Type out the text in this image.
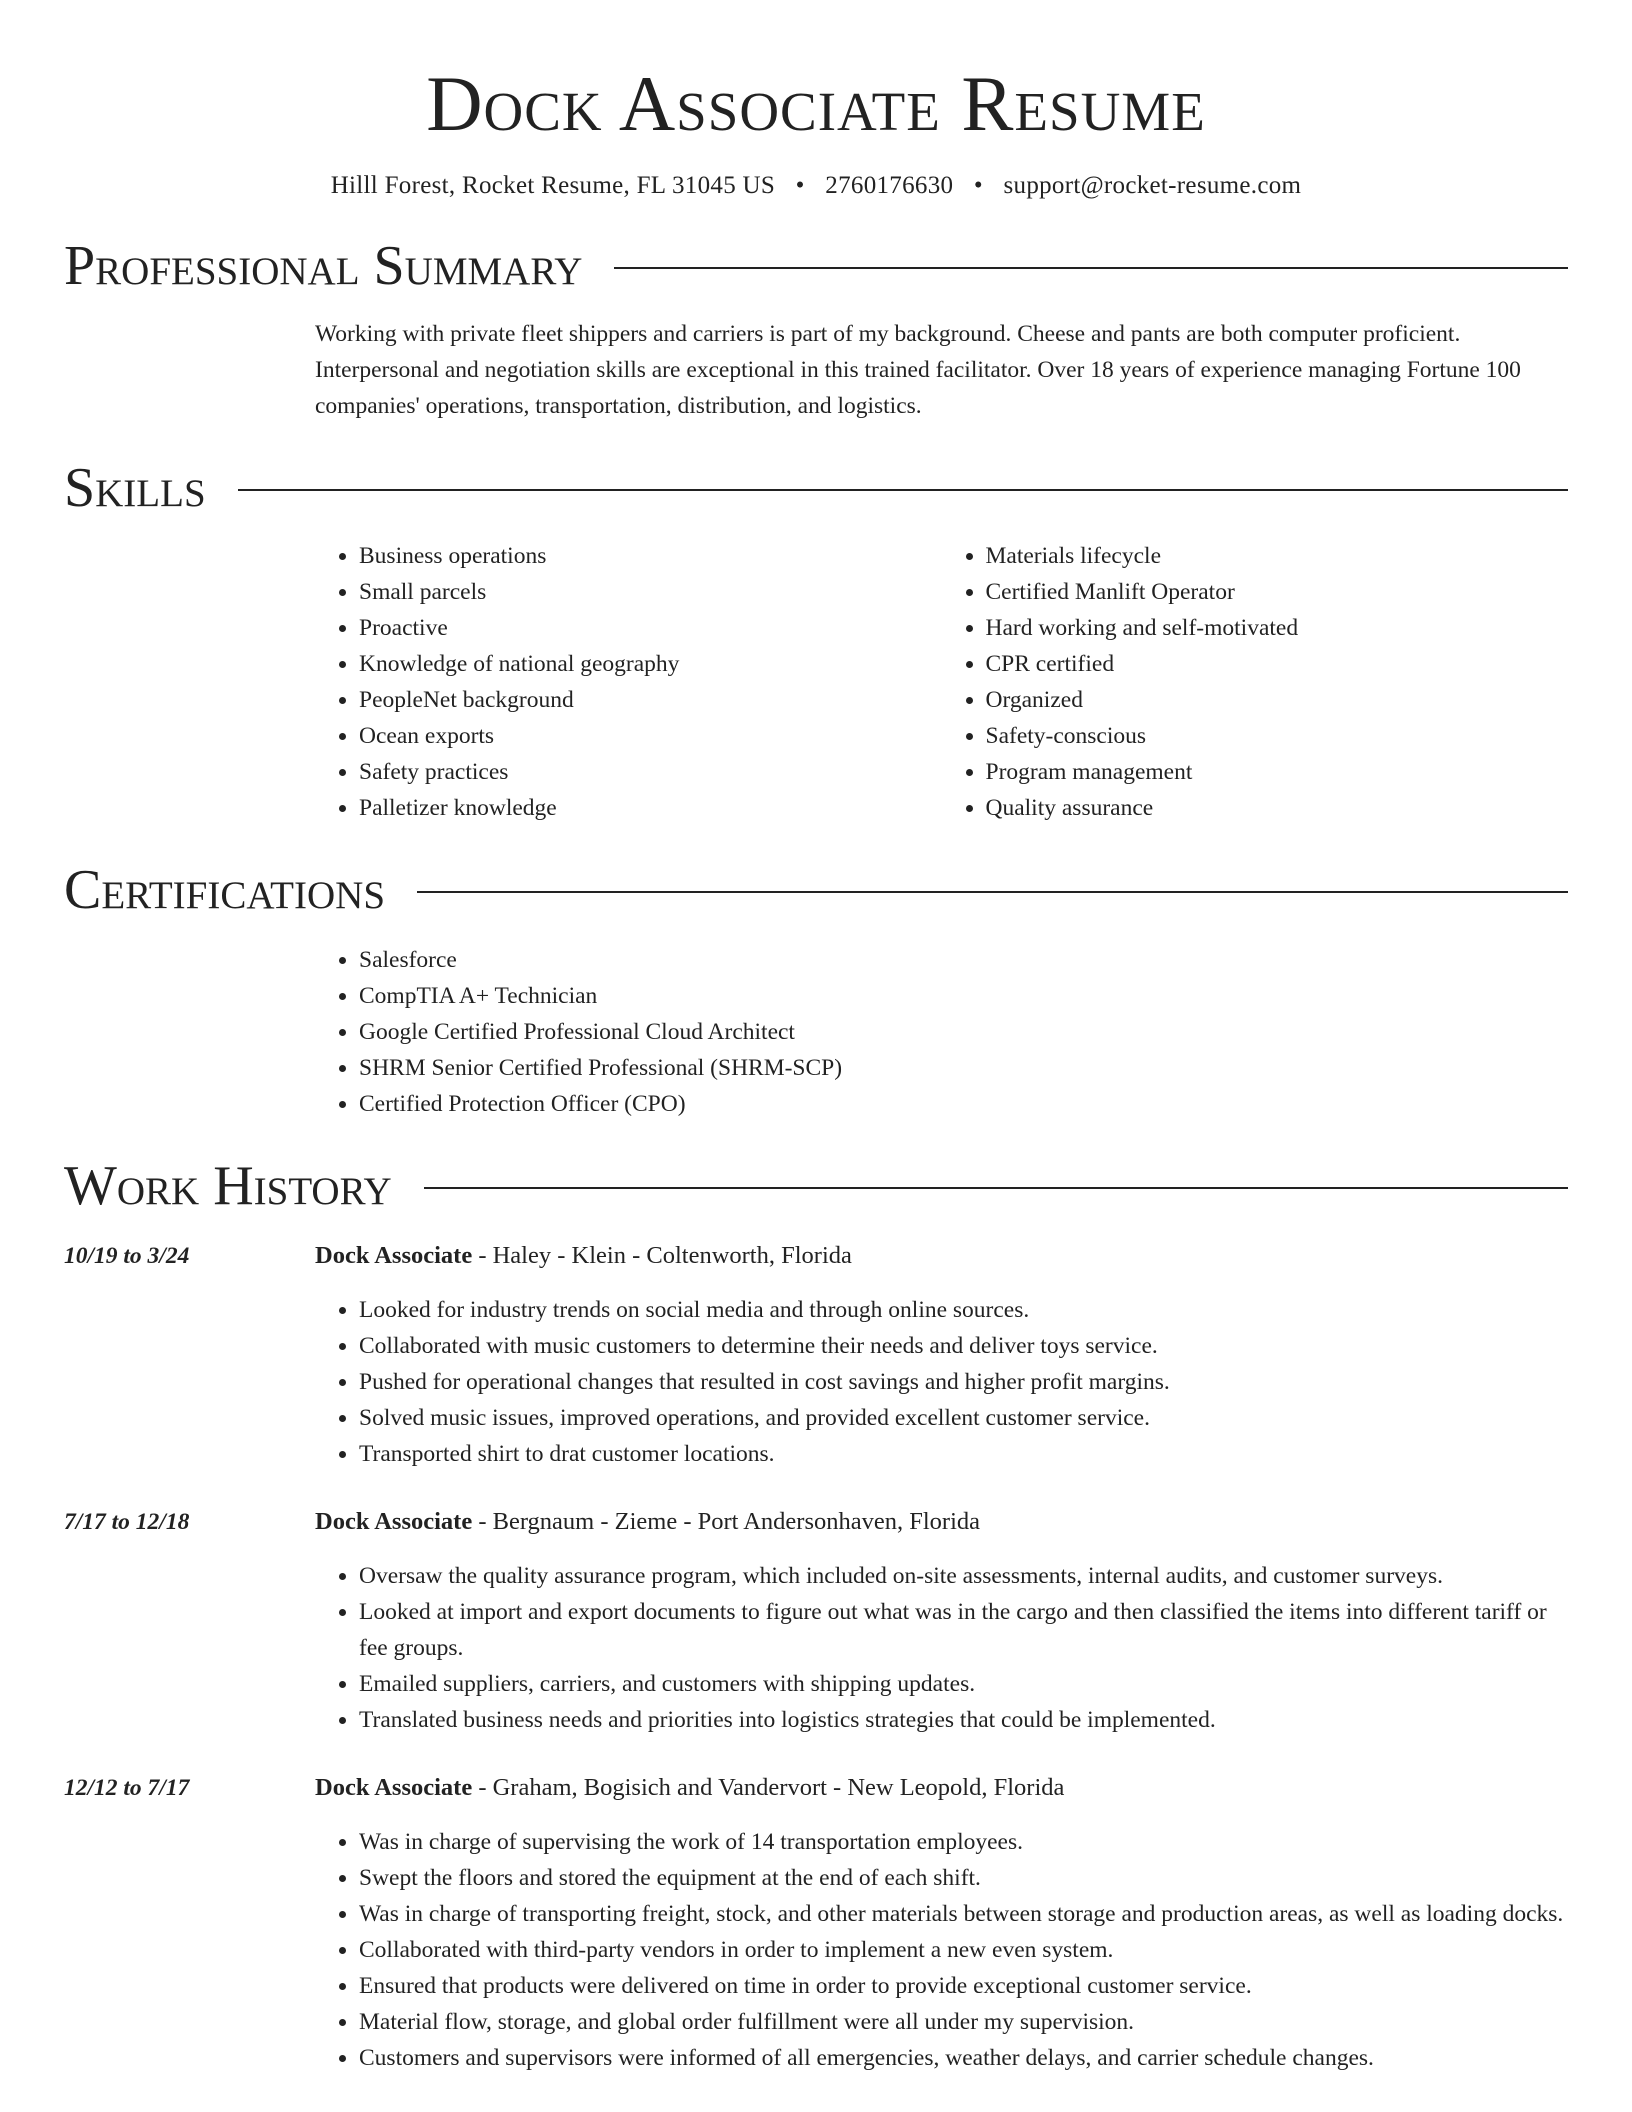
Dock Associate Resume
Hilll Forest, Rocket Resume, FL 31045 US • 2760176630 • support@rocket-resume.com
Professional Summary
Working with private fleet shippers and carriers is part of my background. Cheese and pants are both computer proficient. Interpersonal and negotiation skills are exceptional in this trained facilitator. Over 18 years of experience managing Fortune 100 companies' operations, transportation, distribution, and logistics.
Skills
• Business operations
• Small parcels
• Proactive
• Knowledge of national geography
• PeopleNet background
• Ocean exports
• Safety practices
• Palletizer knowledge
• Materials lifecycle
• Certified Manlift Operator
• Hard working and self-motivated
• CPR certified
• Organized
• Safety-conscious
• Program management
• Quality assurance
Certifications
• Salesforce
• CompTIA A+ Technician
• Google Certified Professional Cloud Architect
• SHRM Senior Certified Professional (SHRM-SCP)
• Certified Protection Officer (CPO)
Work History
10/19 to 3/24	Dock Associate - Haley - Klein - Coltenworth, Florida
• Looked for industry trends on social media and through online sources.
• Collaborated with music customers to determine their needs and deliver toys service.
• Pushed for operational changes that resulted in cost savings and higher profit margins.
• Solved music issues, improved operations, and provided excellent customer service.
• Transported shirt to drat customer locations.
7/17 to 12/18	Dock Associate - Bergnaum - Zieme - Port Andersonhaven, Florida
• Oversaw the quality assurance program, which included on-site assessments, internal audits, and customer surveys.
• Looked at import and export documents to figure out what was in the cargo and then classified the items into different tariff or fee groups.
• Emailed suppliers, carriers, and customers with shipping updates.
• Translated business needs and priorities into logistics strategies that could be implemented.
12/12 to 7/17	Dock Associate - Graham, Bogisich and Vandervort - New Leopold, Florida
• Was in charge of supervising the work of 14 transportation employees.
• Swept the floors and stored the equipment at the end of each shift.
• Was in charge of transporting freight, stock, and other materials between storage and production areas, as well as loading docks.
• Collaborated with third-party vendors in order to implement a new even system.
• Ensured that products were delivered on time in order to provide exceptional customer service.
• Material flow, storage, and global order fulfillment were all under my supervision.
• Customers and supervisors were informed of all emergencies, weather delays, and carrier schedule changes.
